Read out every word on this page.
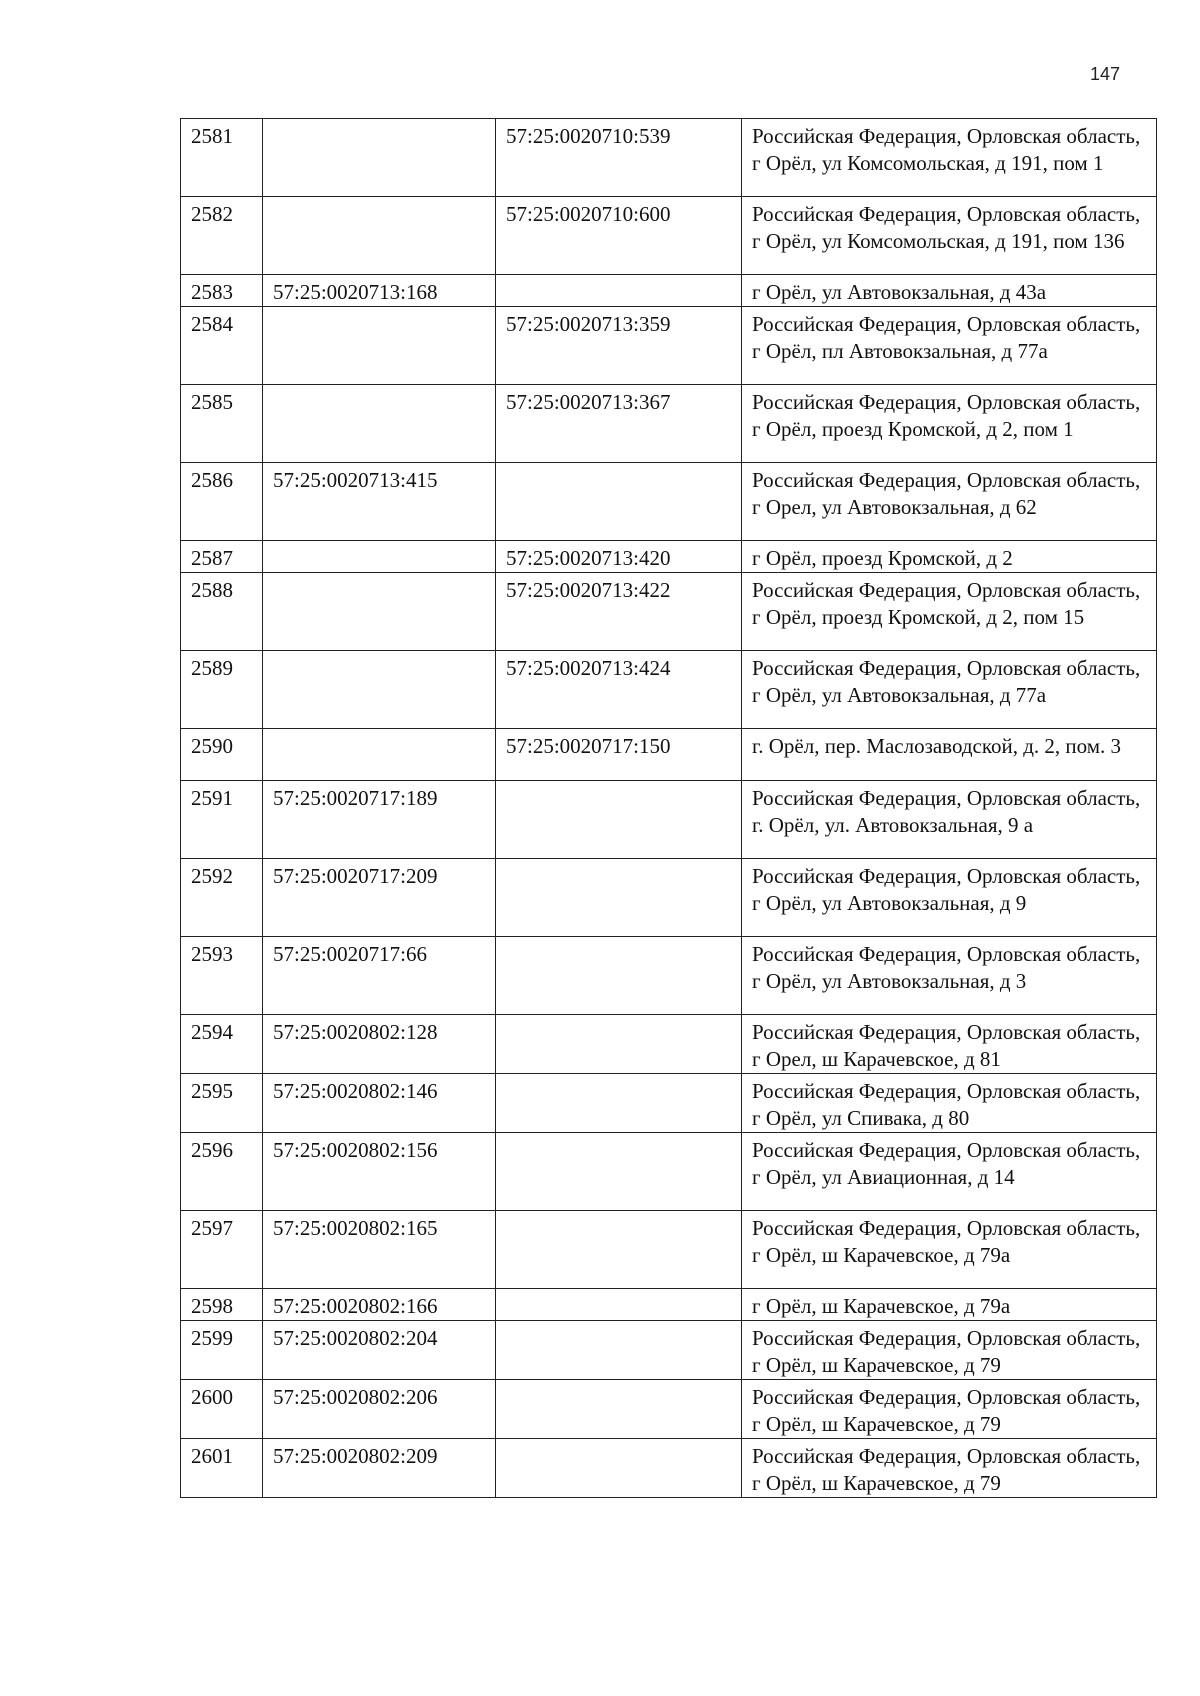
147
2581		57:25:0020710:539	Российская Федерация, Орловская область, г Орёл, ул Комсомольская, д 191, пом 1
2582		57:25:0020710:600	Российская Федерация, Орловская область, г Орёл, ул Комсомольская, д 191, пом 136
2583	57:25:0020713:168		г Орёл, ул Автовокзальная, д 43а
2584		57:25:0020713:359	Российская Федерация, Орловская область, г Орёл, пл Автовокзальная, д 77а
2585		57:25:0020713:367	Российская Федерация, Орловская область, г Орёл, проезд Кромской, д 2, пом 1
2586	57:25:0020713:415		Российская Федерация, Орловская область, г Орел, ул Автовокзальная, д 62
2587		57:25:0020713:420	г Орёл, проезд Кромской, д 2
2588		57:25:0020713:422	Российская Федерация, Орловская область, г Орёл, проезд Кромской, д 2, пом 15
2589		57:25:0020713:424	Российская Федерация, Орловская область, г Орёл, ул Автовокзальная, д 77а
2590		57:25:0020717:150	г. Орёл, пер. Маслозаводской, д. 2, пом. 3
2591	57:25:0020717:189		Российская Федерация, Орловская область, г. Орёл, ул. Автовокзальная, 9 а
2592	57:25:0020717:209		Российская Федерация, Орловская область, г Орёл, ул Автовокзальная, д 9
2593	57:25:0020717:66		Российская Федерация, Орловская область, г Орёл, ул Автовокзальная, д 3
2594	57:25:0020802:128		Российская Федерация, Орловская область, г Орел, ш Карачевское, д 81
2595	57:25:0020802:146		Российская Федерация, Орловская область, г Орёл, ул Спивака, д 80
2596	57:25:0020802:156		Российская Федерация, Орловская область, г Орёл, ул Авиационная, д 14
2597	57:25:0020802:165		Российская Федерация, Орловская область, г Орёл, ш Карачевское, д 79а
2598	57:25:0020802:166		г Орёл, ш Карачевское, д 79а
2599	57:25:0020802:204		Российская Федерация, Орловская область, г Орёл, ш Карачевское, д 79
2600	57:25:0020802:206		Российская Федерация, Орловская область, г Орёл, ш Карачевское, д 79
2601	57:25:0020802:209		Российская Федерация, Орловская область, г Орёл, ш Карачевское, д 79
